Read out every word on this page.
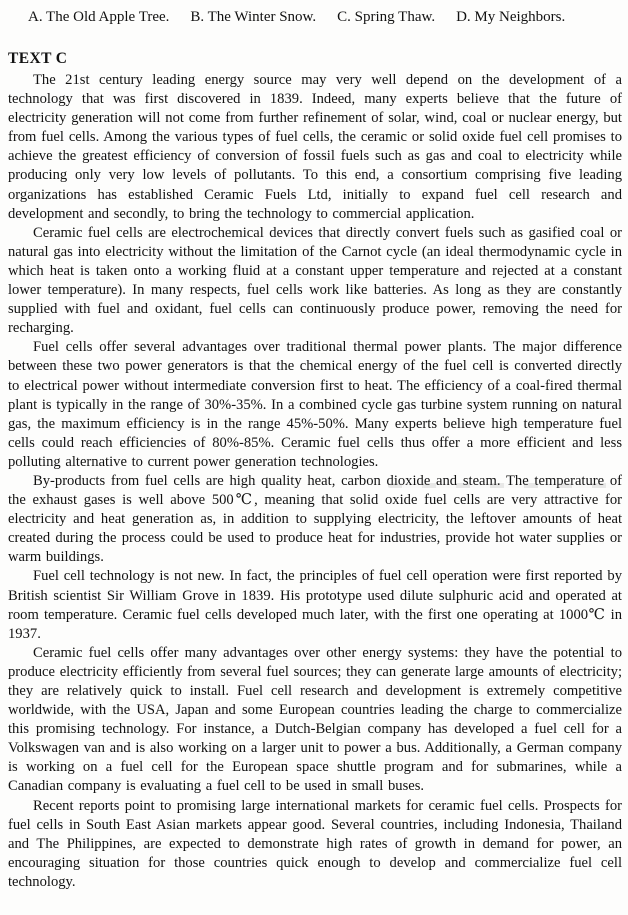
A. The Old Apple Tree. B. The Winter Snow. C. Spring Thaw. D. My Neighbors.
TEXT C

The 21st century leading energy source may very well depend on the development of a technology that was first discovered in 1839. Indeed, many experts believe that the future of electricity generation will not come from further refinement of solar, wind, coal or nuclear energy, but from fuel cells. Among the various types of fuel cells, the ceramic or solid oxide fuel cell promises to achieve the greatest efficiency of conversion of fossil fuels such as gas and coal to electricity while producing only very low levels of pollutants. To this end, a consortium comprising five leading organizations has established Ceramic Fuels Ltd, initially to expand fuel cell research and development and secondly, to bring the technology to commercial application.

Ceramic fuel cells are electrochemical devices that directly convert fuels such as gasified coal or natural gas into electricity without the limitation of the Carnot cycle (an ideal thermodynamic cycle in which heat is taken onto a working fluid at a constant upper temperature and rejected at a constant lower temperature). In many respects, fuel cells work like batteries. As long as they are constantly supplied with fuel and oxidant, fuel cells can continuously produce power, removing the need for recharging.

Fuel cells offer several advantages over traditional thermal power plants. The major difference between these two power generators is that the chemical energy of the fuel cell is converted directly to electrical power without intermediate conversion first to heat. The efficiency of a coal-fired thermal plant is typically in the range of 30%-35%. In a combined cycle gas turbine system running on natural gas, the maximum efficiency is in the range 45%-50%. Many experts believe high temperature fuel cells could reach efficiencies of 80%-85%. Ceramic fuel cells thus offer a more efficient and less polluting alternative to current power generation technologies.

By-products from fuel cells are high quality heat, carbon dioxide and steam. The temperature of the exhaust gases is well above 500℃, meaning that solid oxide fuel cells are very attractive for electricity and heat generation as, in addition to supplying electricity, the leftover amounts of heat created during the process could be used to produce heat for industries, provide hot water supplies or warm buildings.

Fuel cell technology is not new. In fact, the principles of fuel cell operation were first reported by British scientist Sir William Grove in 1839. His prototype used dilute sulphuric acid and operated at room temperature. Ceramic fuel cells developed much later, with the first one operating at 1000℃ in 1937.

Ceramic fuel cells offer many advantages over other energy systems: they have the potential to produce electricity efficiently from several fuel sources; they can generate large amounts of electricity; they are relatively quick to install. Fuel cell research and development is extremely competitive worldwide, with the USA, Japan and some European countries leading the charge to commercialize this promising technology. For instance, a Dutch-Belgian company has developed a fuel cell for a Volkswagen van and is also working on a larger unit to power a bus. Additionally, a German company is working on a fuel cell for the European space shuttle program and for submarines, while a Canadian company is evaluating a fuel cell to be used in small buses.

Recent reports point to promising large international markets for ceramic fuel cells. Prospects for fuel cells in South East Asian markets appear good. Several countries, including Indonesia, Thailand and The Philippines, are expected to demonstrate high rates of growth in demand for power, an encouraging situation for those countries quick enough to develop and commercialize fuel cell technology.
